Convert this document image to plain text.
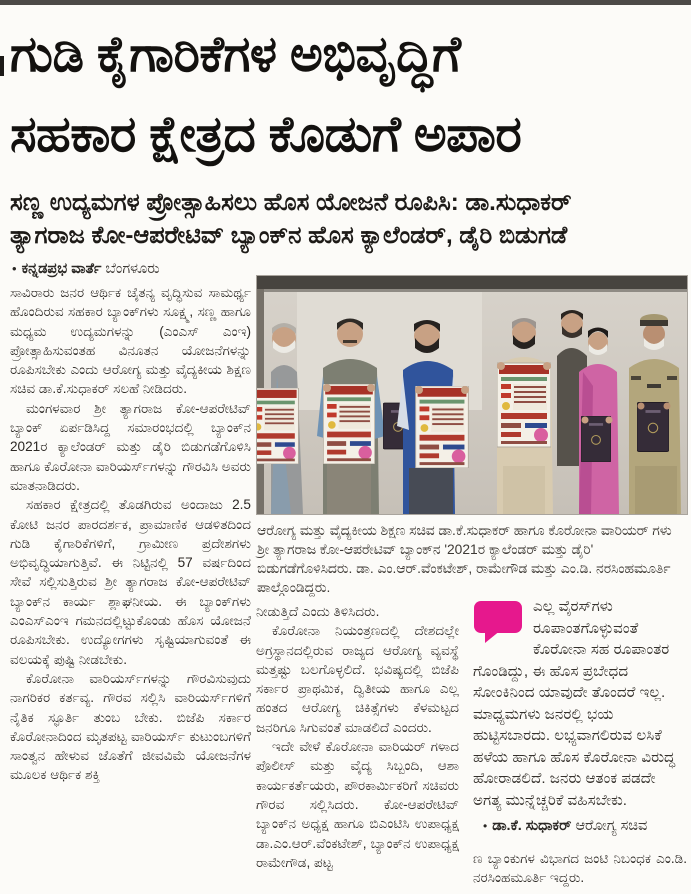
ಗುಡಿ ಕೈಗಾರಿಕೆಗಳ ಅಭಿವೃದ್ಧಿಗೆ
ಸಹಕಾರ ಕ್ಷೇತ್ರದ ಕೊಡುಗೆ ಅಪಾರ
ಸಣ್ಣ ಉದ್ಯಮಗಳ ಪ್ರೋತ್ಸಾಹಿಸಲು ಹೊಸ ಯೋಜನೆ ರೂಪಿಸಿ: ಡಾ.ಸುಧಾಕರ್
ತ್ಯಾಗರಾಜ ಕೋ-ಆಪರೇಟಿವ್ ಬ್ಯಾಂಕ್‌ನ ಹೊಸ ಕ್ಯಾಲೆಂಡರ್, ಡೈರಿ ಬಿಡುಗಡೆ
• ಕನ್ನಡಪ್ರಭ ವಾರ್ತೆ ಬೆಂಗಳೂರು

ಸಾವಿರಾರು ಜನರ ಆರ್ಥಿಕ ಚೈತನ್ಯ ವೃದ್ಧಿಸುವ ಸಾಮರ್ಥ್ಯ ಹೊಂದಿರುವ ಸಹಕಾರ ಬ್ಯಾಂಕ್‌ಗಳು ಸೂಕ್ಷ್ಮ, ಸಣ್ಣ ಹಾಗೂ ಮಧ್ಯಮ ಉದ್ಯಮಗಳನ್ನು (ಎಂಎಸ್ ಎಂಇ) ಪ್ರೋತ್ಸಾಹಿಸುವಂತಹ ವಿನೂತನ ಯೋಜನೆಗಳನ್ನು ರೂಪಿಸಬೇಕು ಎಂದು ಆರೋಗ್ಯ ಮತ್ತು ವೈದ್ಯಕೀಯ ಶಿಕ್ಷಣ ಸಚಿವ ಡಾ.ಕೆ.ಸುಧಾಕರ್ ಸಲಹೆ ನೀಡಿದರು.

ಮಂಗಳವಾರ ಶ್ರೀ ತ್ಯಾಗರಾಜ ಕೋ-ಆಪರೇಟಿವ್ ಬ್ಯಾಂಕ್ ಏರ್ಪಡಿಸಿದ್ದ ಸಮಾರಂಭದಲ್ಲಿ ಬ್ಯಾಂಕ್‌ನ 2021ರ ಕ್ಯಾಲೆಂಡರ್ ಮತ್ತು ಡೈರಿ ಬಿಡುಗಡೆಗೊಳಿಸಿ ಹಾಗೂ ಕೊರೋನಾ ವಾರಿಯರ್ಸ್‌ಗಳನ್ನು ಗೌರವಿಸಿ ಅವರು ಮಾತನಾಡಿದರು.

ಸಹಕಾರ ಕ್ಷೇತ್ರದಲ್ಲಿ ತೊಡಗಿರುವ ಅಂದಾಜು 2.5 ಕೋಟಿ ಜನರ ಪಾರದರ್ಶಕ, ಪ್ರಾಮಾಣಿಕ ಆಡಳಿತದಿಂದ ಗುಡಿ ಕೈಗಾರಿಕೆಗಳಿಗೆ, ಗ್ರಾಮೀಣ ಪ್ರದೇಶಗಳು ಅಭಿವೃದ್ಧಿಯಾಗುತ್ತಿವೆ. ಈ ನಿಟ್ಟಿನಲ್ಲಿ 57 ವರ್ಷದಿಂದ ಸೇವೆ ಸಲ್ಲಿಸುತ್ತಿರುವ ಶ್ರೀ ತ್ಯಾಗರಾಜ ಕೋ-ಆಪರೇಟಿವ್ ಬ್ಯಾಂಕ್‌ನ ಕಾರ್ಯ ಶ್ಲಾಘನೀಯ. ಈ ಬ್ಯಾಂಕ್‌ಗಳು ಎಂಎಸ್‌ಎಂಇ ಗಮನದಲ್ಲಿಟ್ಟುಕೊಂಡು ಹೊಸ ಯೋಜನೆ ರೂಪಿಸಬೇಕು. ಉದ್ಯೋಗಗಳು ಸೃಷ್ಟಿಯಾಗುವಂತೆ ಈ ವಲಯಕ್ಕೆ ಪುಷ್ಟಿ ನೀಡಬೇಕು.

ಕೊರೋನಾ ವಾರಿಯರ್ಸ್‌ಗಳನ್ನು ಗೌರವಿಸುವುದು ನಾಗರಿಕರ ಕರ್ತವ್ಯ. ಗೌರವ ಸಲ್ಲಿಸಿ ವಾರಿಯರ್ಸ್‌ಗಳಿಗೆ ನೈತಿಕ ಸ್ಫೂರ್ತಿ ತುಂಬ ಬೇಕು. ಬಿಜೆಪಿ ಸರ್ಕಾರ ಕೊರೋನಾದಿಂದ ಮೃತಪಟ್ಟ ವಾರಿಯರ್ಸ್ ಕುಟುಂಬಗಳಿಗೆ ಸಾಂತ್ವನ ಹೇಳುವ ಜೊತೆಗೆ ಜೀವವಿಮೆ ಯೋಜನೆಗಳ ಮೂಲಕ ಆರ್ಥಿಕ ಶಕ್ತಿ

ಆರೋಗ್ಯ ಮತ್ತು ವೈದ್ಯಕೀಯ ಶಿಕ್ಷಣ ಸಚಿವ ಡಾ.ಕೆ.ಸುಧಾಕರ್ ಹಾಗೂ ಕೊರೋನಾ ವಾರಿಯರ್ ಗಳು ಶ್ರೀ ತ್ಯಾಗರಾಜ ಕೋ-ಆಪರೇಟಿವ್ ಬ್ಯಾಂಕ್‌ನ '2021ರ ಕ್ಯಾಲೆಂಡರ್ ಮತ್ತು ಡೈರಿ' ಬಿಡುಗಡೆಗೊಳಿಸಿದರು. ಡಾ. ಎಂ.ಆರ್.ವೆಂಕಟೇಶ್, ರಾಮೇಗೌಡ ಮತ್ತು ಎಂ.ಡಿ. ನರಸಿಂಹಮೂರ್ತಿ ಪಾಲ್ಗೊಂಡಿದ್ದರು.

ನೀಡುತ್ತಿದೆ ಎಂದು ತಿಳಿಸಿದರು.

ಕೊರೋನಾ ನಿಯಂತ್ರಣದಲ್ಲಿ ದೇಶದಲ್ಲೇ ಅಗ್ರಸ್ಥಾನದಲ್ಲಿರುವ ರಾಜ್ಯದ ಆರೋಗ್ಯ ವ್ಯವಸ್ಥೆ ಮತ್ತಷ್ಟು ಬಲಗೊಳ್ಳಲಿದೆ. ಭವಿಷ್ಯದಲ್ಲಿ ಬಿಜೆಪಿ ಸರ್ಕಾರ ಪ್ರಾಥಮಿಕ, ದ್ವಿತೀಯ ಹಾಗೂ ಎಲ್ಲ ಹಂತದ ಆರೋಗ್ಯ ಚಿಕಿತ್ಸೆಗಳು ಕೆಳಮಟ್ಟದ ಜನರಿಗೂ ಸಿಗುವಂತೆ ಮಾಡಲಿದೆ ಎಂದರು.

ಇದೇ ವೇಳೆ ಕೊರೋನಾ ವಾರಿಯರ್ ಗಳಾದ ಪೊಲೀಸ್ ಮತ್ತು ವೈದ್ಯ ಸಿಬ್ಬಂದಿ, ಆಶಾ ಕಾರ್ಯಕರ್ತೆಯರು, ಪೌರಕಾರ್ಮಿಕರಿಗೆ ಸಚಿವರು ಗೌರವ ಸಲ್ಲಿಸಿದರು. ಕೋ-ಆಪರೇಟಿವ್ ಬ್ಯಾಂಕ್‌ನ ಅಧ್ಯಕ್ಷ ಹಾಗೂ ಬಿಎಂಟಿಸಿ ಉಪಾಧ್ಯಕ್ಷ ಡಾ.ಎಂ.ಆರ್.ವೆಂಕಟೇಶ್, ಬ್ಯಾಂಕ್‌ನ ಉಪಾಧ್ಯಕ್ಷ ರಾಮೇಗೌಡ, ಪಟ್ಟ

ಎಲ್ಲ ವೈರಸ್‌ಗಳು ರೂಪಾಂತಗೊಳ್ಳುವಂತೆ ಕೊರೋನಾ ಸಹ ರೂಪಾಂತರ ಗೊಂಡಿದ್ದು, ಈ ಹೊಸ ಪ್ರಬೇಧದ ಸೋಂಕಿನಿಂದ ಯಾವುದೇ ತೊಂದರೆ ಇಲ್ಲ. ಮಾಧ್ಯಮಗಳು ಜನರಲ್ಲಿ ಭಯ ಹುಟ್ಟಿಸಬಾರದು. ಲಭ್ಯವಾಗಲಿರುವ ಲಸಿಕೆ ಹಳೆಯ ಹಾಗೂ ಹೊಸ ಕೊರೋನಾ ವಿರುದ್ಧ ಹೋರಾಡಲಿದೆ. ಜನರು ಆತಂಕ ಪಡದೇ ಅಗತ್ಯ ಮುನ್ನೆಚ್ಚರಿಕೆ ವಹಿಸಬೇಕು.

• ಡಾ.ಕೆ. ಸುಧಾಕರ್ ಆರೋಗ್ಯ ಸಚಿವ

ಣ ಬ್ಯಾಂಕುಗಳ ವಿಭಾಗದ ಜಂಟಿ ನಿಬಂಧಕ ಎಂ.ಡಿ. ನರಸಿಂಹಮೂರ್ತಿ ಇದ್ದರು.
